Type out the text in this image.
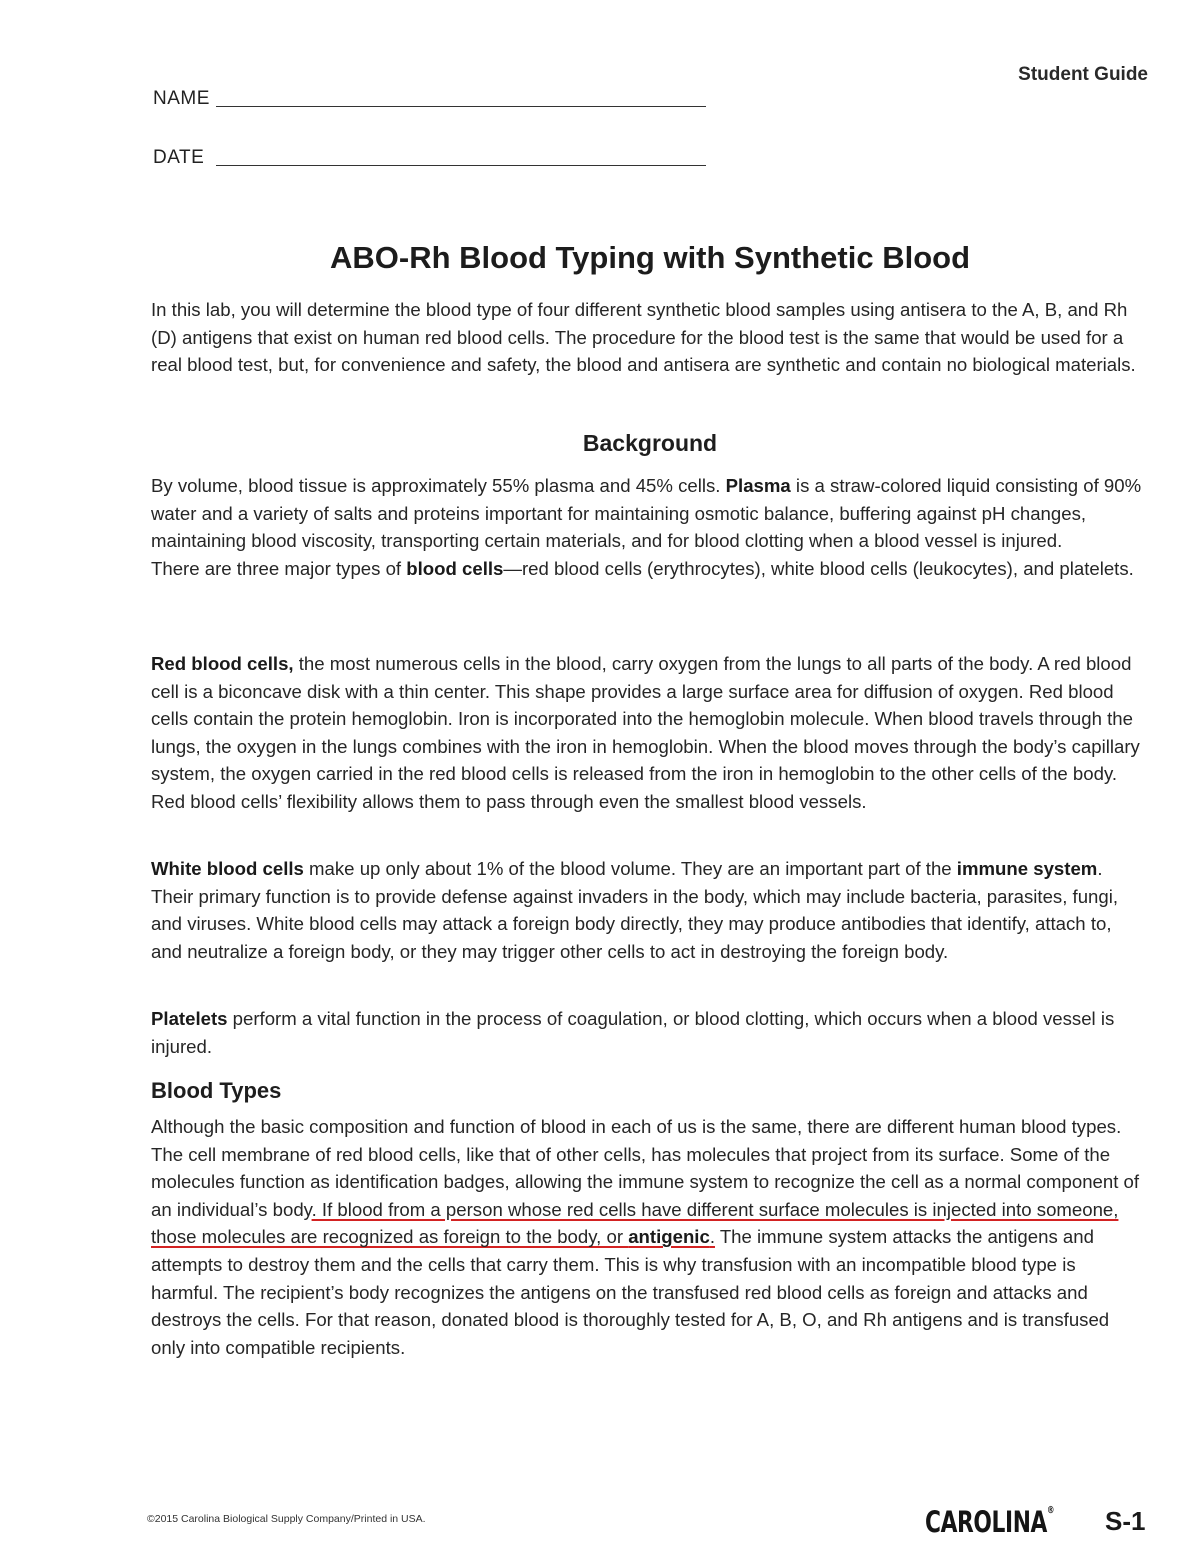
Student Guide
NAME
DATE
ABO-Rh Blood Typing with Synthetic Blood

In this lab, you will determine the blood type of four different synthetic blood samples using antisera to the A, B, and Rh (D) antigens that exist on human red blood cells. The procedure for the blood test is the same that would be used for a real blood test, but, for convenience and safety, the blood and antisera are synthetic and contain no biological materials.

Background

By volume, blood tissue is approximately 55% plasma and 45% cells. Plasma is a straw-colored liquid consisting of 90% water and a variety of salts and proteins important for maintaining osmotic balance, buffering against pH changes, maintaining blood viscosity, transporting certain materials, and for blood clotting when a blood vessel is injured.
There are three major types of blood cells—red blood cells (erythrocytes), white blood cells (leukocytes), and platelets.

Red blood cells, the most numerous cells in the blood, carry oxygen from the lungs to all parts of the body. A red blood cell is a biconcave disk with a thin center. This shape provides a large surface area for diffusion of oxygen. Red blood cells contain the protein hemoglobin. Iron is incorporated into the hemoglobin molecule. When blood travels through the lungs, the oxygen in the lungs combines with the iron in hemoglobin. When the blood moves through the body’s capillary system, the oxygen carried in the red blood cells is released from the iron in hemoglobin to the other cells of the body. Red blood cells’ flexibility allows them to pass through even the smallest blood vessels.

White blood cells make up only about 1% of the blood volume. They are an important part of the immune system. Their primary function is to provide defense against invaders in the body, which may include bacteria, parasites, fungi, and viruses. White blood cells may attack a foreign body directly, they may produce antibodies that identify, attach to, and neutralize a foreign body, or they may trigger other cells to act in destroying the foreign body.

Platelets perform a vital function in the process of coagulation, or blood clotting, which occurs when a blood vessel is injured.

Blood Types

Although the basic composition and function of blood in each of us is the same, there are different human blood types. The cell membrane of red blood cells, like that of other cells, has molecules that project from its surface. Some of the molecules function as identification badges, allowing the immune system to recognize the cell as a normal component of an individual’s body. If blood from a person whose red cells have different surface molecules is injected into someone, those molecules are recognized as foreign to the body, or antigenic. The immune system attacks the antigens and attempts to destroy them and the cells that carry them. This is why transfusion with an incompatible blood type is harmful. The recipient’s body recognizes the antigens on the transfused red blood cells as foreign and attacks and destroys the cells. For that reason, donated blood is thoroughly tested for A, B, O, and Rh antigens and is transfused only into compatible recipients.

©2015 Carolina Biological Supply Company/Printed in USA.	CAROLINA® S-1
